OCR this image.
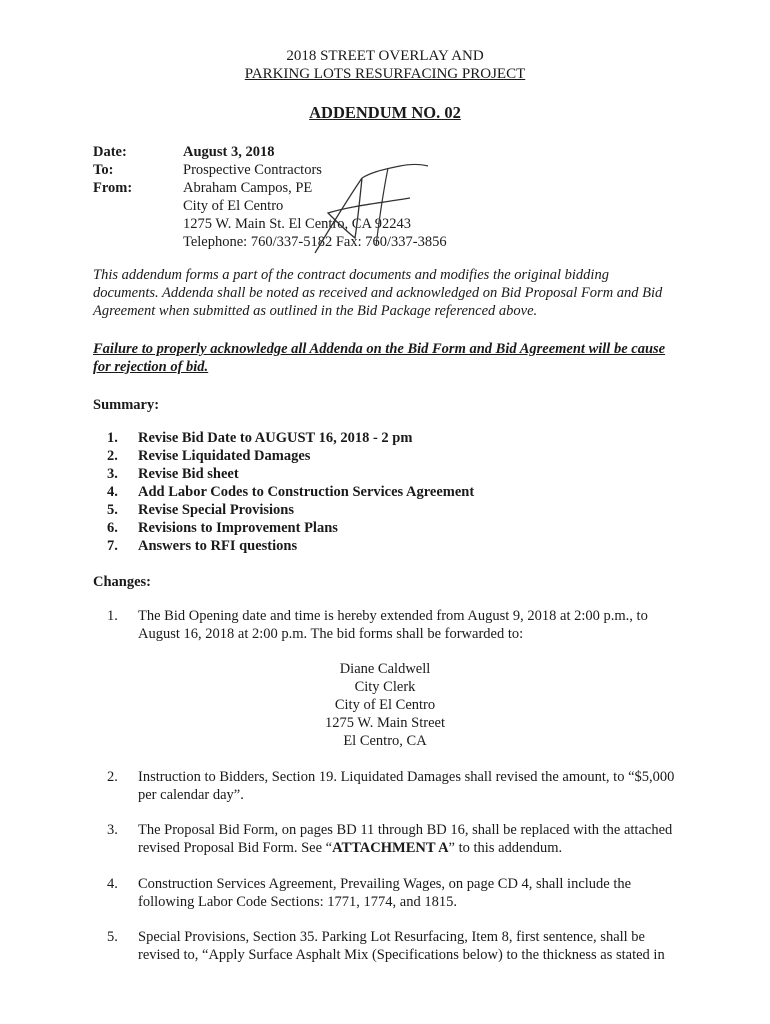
2018 STREET OVERLAY AND
PARKING LOTS RESURFACING PROJECT
ADDENDUM NO. 02
Date:	August 3, 2018
To:	Prospective Contractors
From:	Abraham Campos, PE
City of El Centro
1275 W. Main St. El Centro, CA 92243
Telephone: 760/337-5182 Fax: 760/337-3856
This addendum forms a part of the contract documents and modifies the original bidding
documents. Addenda shall be noted as received and acknowledged on Bid Proposal Form and Bid
Agreement when submitted as outlined in the Bid Package referenced above.
Failure to properly acknowledge all Addenda on the Bid Form and Bid Agreement will be cause
for rejection of bid.
Summary:
1. Revise Bid Date to AUGUST 16, 2018 - 2 pm
2. Revise Liquidated Damages
3. Revise Bid sheet
4. Add Labor Codes to Construction Services Agreement
5. Revise Special Provisions
6. Revisions to Improvement Plans
7. Answers to RFI questions
Changes:
1. The Bid Opening date and time is hereby extended from August 9, 2018 at 2:00 p.m., to
August 16, 2018 at 2:00 p.m. The bid forms shall be forwarded to:
Diane Caldwell
City Clerk
City of El Centro
1275 W. Main Street
El Centro, CA
2. Instruction to Bidders, Section 19. Liquidated Damages shall revised the amount, to “$5,000
per calendar day”.
3. The Proposal Bid Form, on pages BD 11 through BD 16, shall be replaced with the attached
revised Proposal Bid Form. See “ATTACHMENT A” to this addendum.
4. Construction Services Agreement, Prevailing Wages, on page CD 4, shall include the
following Labor Code Sections: 1771, 1774, and 1815.
5. Special Provisions, Section 35. Parking Lot Resurfacing, Item 8, first sentence, shall be
revised to, “Apply Surface Asphalt Mix (Specifications below) to the thickness as stated in
